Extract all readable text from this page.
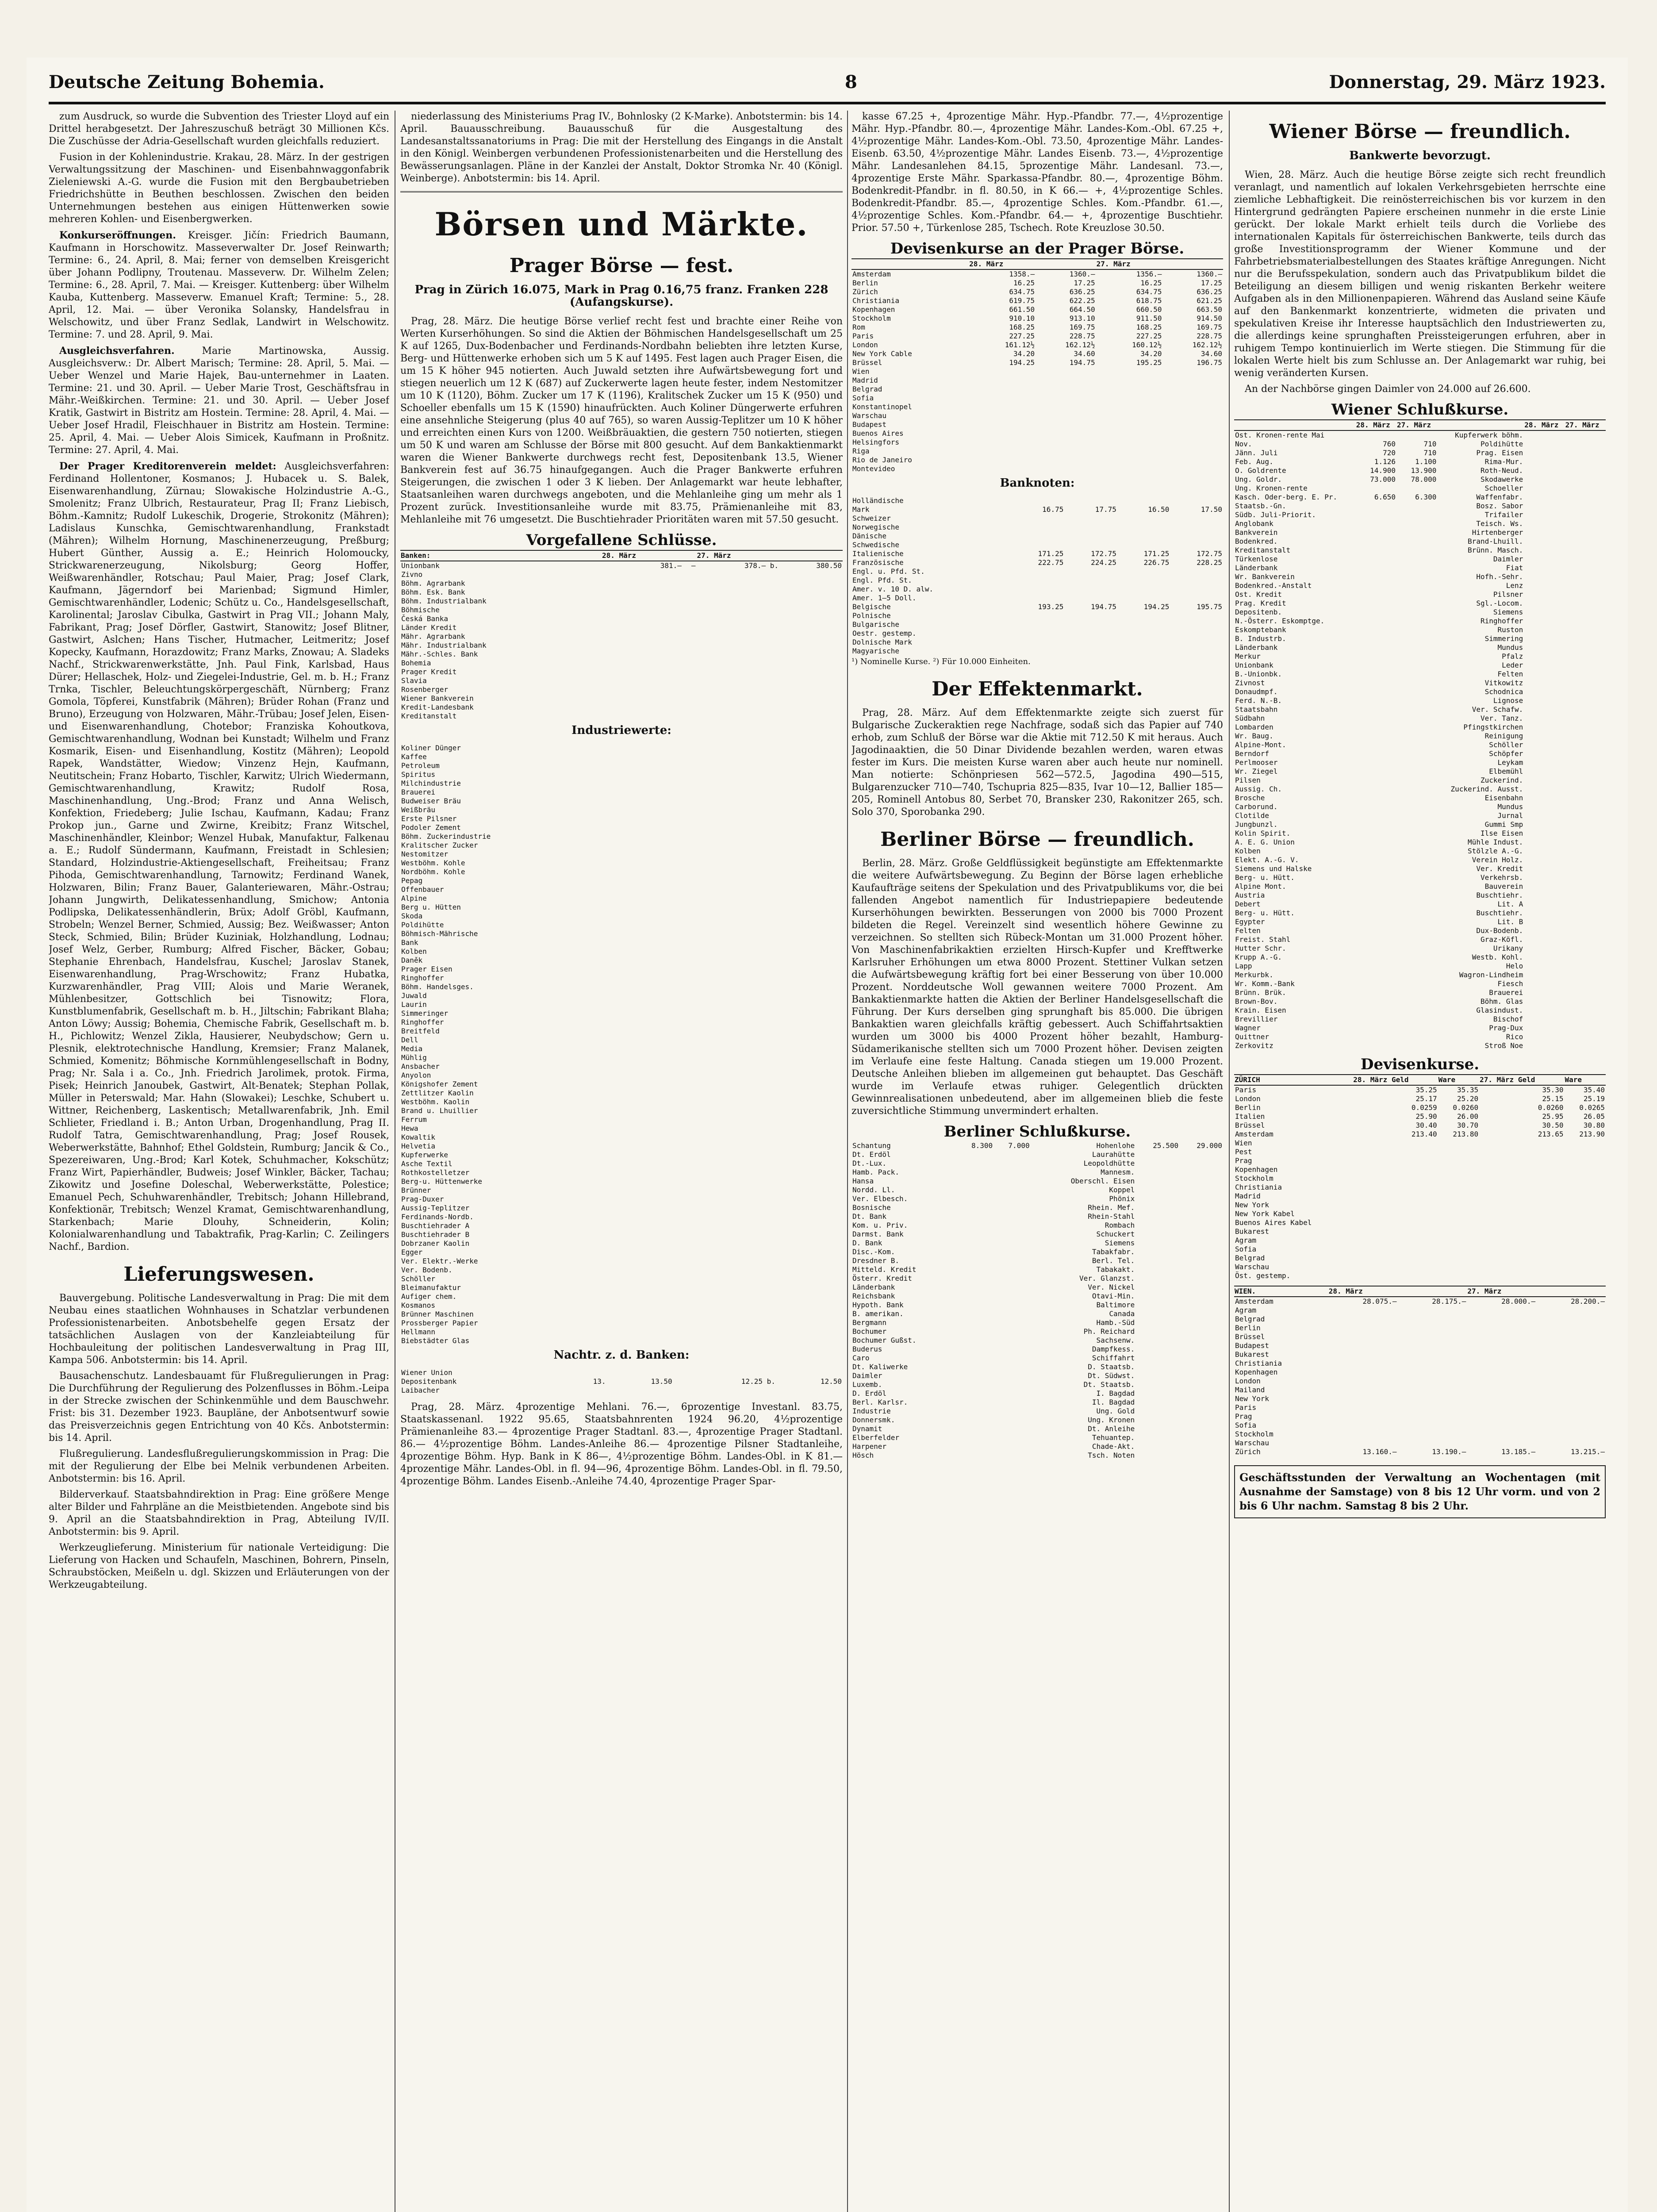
Deutsche Zeitung Bohemia.	8	Donnerstag, 29. März 1923.

zum Ausdruck, so wurde die Subvention des Triester Lloyd auf ein Drittel herabgesetzt. Der Jahreszuschuß beträgt 30 Millionen Kčs. Die Zuschüsse der Adria-Gesellschaft wurden gleichfalls reduziert.

Fusion in der Kohlenindustrie. Krakau, 28. März. In der gestrigen Verwaltungssitzung der Maschinen- und Eisenbahnwaggonfabrik Zieleniewski A.-G. wurde die Fusion mit den Bergbaubetrieben Friedrichshütte in Beuthen beschlossen. Zwischen den beiden Unternehmungen bestehen aus einigen Hüttenwerken sowie mehreren Kohlen- und Eisenbergwerken.

Konkurseröffnungen. Kreisger. Jičín: Friedrich Baumann, Kaufmann in Horschowitz. Masseverwalter Dr. Josef Reinwarth; Termine: 6., 24. April, 8. Mai; ferner von demselben Kreisgericht über Johann Podlipny, Troutenau. Masseverw. Dr. Wilhelm Zelen; Termine: 6., 28. April, 7. Mai. — Kreisger. Kuttenberg: über Wilhelm Kauba, Kuttenberg. Masseverw. Emanuel Kraft; Termine: 5., 28. April, 12. Mai. — über Veronika Solansky, Handelsfrau in Welschowitz, und über Franz Sedlak, Landwirt in Welschowitz. Termine: 7. und 28. April, 9. Mai.

Ausgleichsverfahren.	Marie Martinowska, Aussig. Ausgleichsverw.: Dr. Albert Marisch; Termine: 28. April, 5. Mai. — Ueber Wenzel und Marie Hajek, Bau-unternehmer in Laaten. Termine: 21. und 30. April. — Ueber Marie Trost, Geschäftsfrau in Mähr.-Weißkirchen. Termine: 21. und 30. April. — Ueber Josef Kratik, Gastwirt in Bistritz am Hostein. Termine: 28. April, 4. Mai. — Ueber Josef Hradil, Fleischhauer in Bistritz am Hostein. Termine: 25. April, 4. Mai. — Ueber Alois Simicek, Kaufmann in Proßnitz. Termine: 27. April, 4. Mai.

Der Prager Kreditorenverein meldet: Ausgleichsverfahren: Ferdinand Hollentoner, Kosmanos; J. Hubacek u. S. Balek, Eisenwarenhandlung, Zürnau; Slowakische Holzindustrie A.-G., Smolenitz; Franz Ulbrich, Restaurateur, Prag II; Franz Liebisch, Böhm.-Kamnitz; Rudolf Lukeschik, Drogerie, Strokonitz (Mähren); Ladislaus Kunschka, Gemischtwarenhandlung, Frankstadt (Mähren); Wilhelm Hornung, Maschinenerzeugung, Preßburg; Hubert Günther, Aussig a. E.; Heinrich Holomoucky, Strickwarenerzeugung, Nikolsburg; Georg Hoffer, Weißwarenhändler, Rotschau; Paul Maier, Prag; Josef Clark, Kaufmann, Jägerndorf bei Marienbad; Sigmund Himler, Gemischtwarenhändler, Lodenic; Schütz u. Co., Handelsgesellschaft, Karolinental; Jaroslav Cibulka, Gastwirt in Prag VII.; Johann Maly, Fabrikant, Prag; Josef Dörfler, Gastwirt, Stanowitz; Josef Blitner, Gastwirt, Aslchen; Hans Tischer, Hutmacher, Leitmeritz; Josef Kopecky, Kaufmann, Horazdowitz; Franz Marks, Znowau; A. Sladeks Nachf., Strickwarenwerkstätte, Jnh. Paul Fink, Karlsbad, Haus Dürer; Hellaschek, Holz- und Ziegelei-Industrie, Gel. m. b. H.; Franz Trnka, Tischler, Beleuchtungskörpergeschäft, Nürnberg; Franz Gomola, Töpferei, Kunstfabrik (Mähren); Brüder Rohan (Franz und Bruno), Erzeugung von Holzwaren, Mähr.-Trübau; Josef Jelen, Eisen- und Eisenwarenhandlung, Chotebor; Franziska Kohoutkova, Gemischtwarenhandlung, Wodnan bei Kunstadt; Wilhelm und Franz Kosmarik, Eisen- und Eisenhandlung, Kostitz (Mähren); Leopold Rapek, Wandstätter, Wiedow; Vinzenz Hejn, Kaufmann, Neutitschein; Franz Hobarto, Tischler, Karwitz; Ulrich Wiedermann, Gemischtwarenhandlung, Krawitz; Rudolf Rosa, Maschinenhandlung, Ung.-Brod; Franz und Anna Welisch, Konfektion, Friedeberg; Julie Ischau, Kaufmann, Kadau; Franz Prokop jun., Garne und Zwirne, Kreibitz; Franz Witschel, Maschinenhändler, Kleinbor; Wenzel Hubak, Manufaktur, Falkenau a. E.; Rudolf Sündermann, Kaufmann, Freistadt in Schlesien; Standard, Holzindustrie-Aktiengesellschaft, Freiheitsau; Franz Pihoda, Gemischtwarenhandlung, Tarnowitz; Ferdinand Wanek, Holzwaren, Bilin; Franz Bauer, Galanteriewaren, Mähr.-Ostrau; Johann Jungwirth, Delikatessenhandlung, Smichow; Antonia Podlipska, Delikatessenhändlerin, Brüx; Adolf Gröbl, Kaufmann, Strobeln; Wenzel Berner, Schmied, Aussig; Bez. Weißwasser; Anton Steck, Schmied, Bilin; Brüder Kuziniak, Holzhandlung, Lodnau; Josef Welz, Gerber, Rumburg; Alfred Fischer, Bäcker, Gobau; Stephanie Ehrenbach, Handelsfrau, Kuschel; Jaroslav Stanek, Eisenwarenhandlung, Prag-Wrschowitz; Franz Hubatka, Kurzwarenhändler, Prag VIII; Alois und Marie Weranek, Mühlenbesitzer, Gottschlich bei Tisnowitz; Flora, Kunstblumenfabrik, Gesellschaft m. b. H., Jiltschin; Fabrikant Blaha; Anton Löwy; Aussig; Bohemia, Chemische Fabrik, Gesellschaft m. b. H., Pichlowitz; Wenzel Zikla, Hausierer, Neubydschow; Gern u. Plesnik, elektrotechnische Handlung, Kremsier; Franz Malanek, Schmied, Komenitz; Böhmische Kornmühlengesellschaft in Bodny, Prag; Nr. Sala i a. Co., Jnh. Friedrich Jarolimek, protok. Firma, Pisek; Heinrich Janoubek, Gastwirt, Alt-Benatek; Stephan Pollak, Müller in Peterswald; Mar. Hahn (Slowakei); Leschke, Schubert u. Wittner, Reichenberg, Laskentisch; Metallwarenfabrik, Jnh. Emil Schlieter, Friedland i. B.; Anton Urban, Drogenhandlung, Prag II. Rudolf Tatra, Gemischtwarenhandlung, Prag; Josef Rousek, Weberwerkstätte, Bahnhof; Ethel Goldstein, Rumburg; Jancik & Co., Spezereiwaren, Ung.-Brod; Karl Kotek, Schuhmacher, Kokschütz; Franz Wirt, Papierhändler, Budweis; Josef Winkler, Bäcker, Tachau; Zikowitz und Josefine Doleschal, Weberwerkstätte, Polestice; Emanuel Pech, Schuhwarenhändler, Trebitsch; Johann Hillebrand, Konfektionär, Trebitsch; Wenzel Kramat, Gemischtwarenhandlung, Starkenbach; Marie Dlouhy, Schneiderin, Kolin; Kolonialwarenhandlung und Tabaktrafik, Prag-Karlin; C. Zeilingers Nachf., Bardion.

Lieferungswesen.

Bauvergebung. Politische Landesverwaltung in Prag: Die mit dem Neubau eines staatlichen Wohnhauses in Schatzlar verbundenen Professionistenarbeiten. Anbotsbehelfe gegen Ersatz der tatsächlichen Auslagen von der Kanzleiabteilung für Hochbauleitung der politischen Landesverwaltung in Prag III, Kampa 506. Anbotstermin: bis 14. April.

Bausachenschutz. Landesbauamt für Flußregulierungen in Prag: Die Durchführung der Regulierung des Polzenflusses in Böhm.-Leipa in der Strecke zwischen der Schinkenmühle und dem Bauschwehr. Frist: bis 31. Dezember 1923. Baupläne, der Anbotsentwurf sowie das Preisverzeichnis gegen Entrichtung von 40 Kčs. Anbotstermin: bis 14. April.

Flußregulierung. Landesflußregulierungskommission in Prag: Die mit der Regulierung der Elbe bei Melnik verbundenen Arbeiten. Anbotstermin: bis 16. April.

Bilderverkauf. Staatsbahndirektion in Prag: Eine größere Menge alter Bilder und Fahrpläne an die Meistbietenden. Angebote sind bis 9. April an die Staatsbahndirektion in Prag, Abteilung IV/II. Anbotstermin: bis 9. April.

Werkzeuglieferung. Ministerium für nationale Verteidigung: Die Lieferung von Hacken und Schaufeln, Maschinen, Bohrern, Pinseln, Schraubstöcken, Meißeln u. dgl. Skizzen und Erläuterungen von der Werkzeugabteilung.

niederlassung des Ministeriums Prag IV., Bohnlosky (2 K-Marke). Anbotstermin: bis 14. April. Bauausschreibung. Bauausschuß für die Ausgestaltung des Landesanstaltssanatoriums in Prag: Die mit der Herstellung des Eingangs in die Anstalt in den Königl. Weinbergen verbundenen Professionistenarbeiten und die Herstellung des Bewässerungsanlagen. Pläne in der Kanzlei der Anstalt, Doktor Stromka Nr. 40 (Königl. Weinberge). Anbotstermin: bis 14. April.

Börsen und Märkte.
Prager Börse — fest.
Prag in Zürich 16.075, Mark in Prag 0.16,75 franz. Franken 228 (Aufangskurse).

Prag, 28. März. Die heutige Börse verlief recht fest und brachte einer Reihe von Werten Kurserhöhungen. So sind die Aktien der Böhmischen Handelsgesellschaft um 25 K auf 1265, Dux-Bodenbacher und Ferdinands-Nordbahn beliebten ihre letzten Kurse, Berg- und Hüttenwerke erhoben sich um 5 K auf 1495. Fest lagen auch Prager Eisen, die um 15 K höher 945 notierten. Auch Juwald setzten ihre Aufwärtsbewegung fort und stiegen neuerlich um 12 K (687) auf Zuckerwerte lagen heute fester, indem Nestomitzer um 10 K (1120), Böhm. Zucker um 17 K (1196), Kralitschek Zucker um 15 K (950) und Schoeller ebenfalls um 15 K (1590) hinaufrückten. Auch Koliner Düngerwerte erfuhren eine ansehnliche Steigerung (plus 40 auf 765), so waren Aussig-Teplitzer um 10 K höher und erreichten einen Kurs von 1200. Weißbräuaktien, die gestern 750 notierten, stiegen um 50 K und waren am Schlusse der Börse mit 800 gesucht. Auf dem Bankaktienmarkt waren die Wiener Bankwerte durchwegs recht fest, Depositenbank 13.5, Wiener Bankverein fest auf 36.75 hinaufgegangen. Auch die Prager Bankwerte erfuhren Steigerungen, die zwischen 1 oder 3 K lieben. Der Anlagemarkt war heute lebhafter, Staatsanleihen waren durchwegs angeboten, und die Mehlanleihe ging um mehr als 1 Prozent zurück. Investitionsanleihe wurde mit 83.75, Prämienanleihe mit 83, Mehlanleihe mit 76 umgesetzt. Die Buschtiehrader Prioritäten waren mit 57.50 gesucht.

Vorgefallene Schlüsse.
Banken:	28. März		27. März	
Unionbank	381.—	—	378.— b.	380.50
Zivno				
Böhm. Agrarbank				
Böhm. Esk. Bank				
Böhm. Industrialbank				
Böhmische				
Česká Banka				
Länder Kredit				
Mähr. Agrarbank				
Mähr. Industrialbank				
Mähr.-Schles. Bank				
Bohemia				
Prager Kredit				
Slavia				
Rosenberger				
Wiener Bankverein				
Kredit-Landesbank				
Kreditanstalt				
Industriewerte:
Koliner Dünger				
Kaffee				
Petroleum				
Spiritus				
Milchindustrie				
Brauerei				
Budweiser Bräu				
Weißbräu				
Erste Pilsner				
Podoler Zement				
Böhm. Zuckerindustrie				
Kralitscher Zucker				
Nestomitzer				
Westböhm. Kohle				
Nordböhm. Kohle				
Pepag				
Offenbauer				
Alpine				
Berg u. Hütten				
Skoda				
Poldihütte				
Böhmisch-Mährische				
Bank				
Kolben				
Daněk				
Prager Eisen				
Ringhoffer				
Böhm. Handelsges.				
Juwald				
Laurin				
Simmeringer				
Ringhoffer				
Breitfeld				
Dell				
Media				
Mühlig				
Ansbacher				
Anyolon				
Königshofer Zement				
Zettlitzer Kaolin				
Westböhm. Kaolin				
Brand u. Lhuillier				
Ferrum				
Hewa				
Kowaltik				
Helvetia				
Kupferwerke				
Asche Textil				
Rothkostelletzer				
Berg-u. Hüttenwerke				
Brünner				
Prag-Duxer				
Aussig-Teplitzer				
Ferdinands-Nordb.				
Buschtiehrader A				
Buschtiehrader B				
Dobrzaner Kaolin				
Egger				
Ver. Elektr.-Werke				
Ver. Bodenb.				
Schöller				
Bleimanufaktur				
Aufiger chem.				
Kosmanos				
Brünner Maschinen				
Prossberger Papier				
Hellmann				
Biebstädter Glas				
Nachtr. z. d. Banken:
Wiener Union				
Depositenbank	13.	13.50	12.25 b.	12.50
Laibacher				

Prag, 28. März. 4prozentige Mehlani. 76.—, 6prozentige Investanl. 83.75, Staatskassenanl. 1922 95.65, Staatsbahnrenten 1924 96.20, 4½prozentige Prämienanleihe 83.— 4prozentige Prager Stadtanl. 83.—, 4prozentige Prager Stadtanl. 86.— 4½prozentige Böhm. Landes-Anleihe 86.— 4prozentige Pilsner Stadtanleihe, 4prozentige Böhm. Hyp. Bank in K 86—, 4½prozentige Böhm. Landes-Obl. in K 81.— 4prozentige Mähr. Landes-Obl. in fl. 94—96, 4prozentige Böhm. Landes-Obl. in fl. 79.50, 4prozentige Böhm. Landes Eisenb.-Anleihe 74.40, 4prozentige Prager Spar-

kasse 67.25 +, 4prozentige Mähr. Hyp.-Pfandbr. 77.—, 4½prozentige Mähr. Hyp.-Pfandbr. 80.—, 4prozentige Mähr. Landes-Kom.-Obl. 67.25 +, 4½prozentige Mähr. Landes-Kom.-Obl. 73.50, 4prozentige Mähr. Landes-Eisenb. 63.50, 4½prozentige Mähr. Landes Eisenb. 73.—, 4½prozentige Mähr. Landesanlehen 84.15, 5prozentige Mähr. Landesanl. 73.—, 4prozentige Erste Mähr. Sparkassa-Pfandbr. 80.—, 4prozentige Böhm. Bodenkredit-Pfandbr. in fl. 80.50, in K 66.— +, 4½prozentige Schles. Bodenkredit-Pfandbr. 85.—, 4prozentige Schles. Kom.-Pfandbr. 61.—, 4½prozentige Schles. Kom.-Pfandbr. 64.— +, 4prozentige Buschtiehr. Prior. 57.50 +, Türkenlose 285, Tschech. Rote Kreuzlose 30.50.

Devisenkurse an der Prager Börse.
	28. März		27. März	
Amsterdam	1358.—	1360.—	1356.—	1360.—
Berlin	16.25	17.25	16.25	17.25
Zürich	634.75	636.25	634.75	636.25
Christiania	619.75	622.25	618.75	621.25
Kopenhagen	661.50	664.50	660.50	663.50
Stockholm	910.10	913.10	911.50	914.50
Rom	168.25	169.75	168.25	169.75
Paris	227.25	228.75	227.25	228.75
London	161.12½	162.12½	160.12½	162.12½
New York Cable	34.20	34.60	34.20	34.60
Brüssel	194.25	194.75	195.25	196.75
Wien				
Madrid				
Belgrad				
Sofia				
Konstantinopel				
Warschau				
Budapest				
Buenos Aires				
Helsingfors				
Riga				
Rio de Janeiro				
Montevideo				
Banknoten:
Holländische				
Mark	16.75	17.75	16.50	17.50
Schweizer				
Norwegische				
Dänische				
Schwedische				
Italienische	171.25	172.75	171.25	172.75
Französische	222.75	224.25	226.75	228.25
Engl. u. Pfd. St.				
Engl. Pfd. St.				
Amer. v. 10 D. alw.				
Amer. 1—5 Doll.				
Belgische	193.25	194.75	194.25	195.75
Polnische				
Bulgarische				
Oestr. gestemp.				
Dolnische Mark				
Magyarische				
¹) Nominelle Kurse. ²) Für 10.000 Einheiten.
Der Effektenmarkt.

Prag, 28. März. Auf dem Effektenmarkte zeigte sich zuerst für Bulgarische Zuckeraktien rege Nachfrage, sodaß sich das Papier auf 740 erhob, zum Schluß der Börse war die Aktie mit 712.50 K mit heraus. Auch Jagodinaaktien, die 50 Dinar Dividende bezahlen werden, waren etwas fester im Kurs. Die meisten Kurse waren aber auch heute nur nominell. Man notierte: Schönpriesen 562—572.5, Jagodina 490—515, Bulgarenzucker 710—740, Tschupria 825—835, Ivar 10—12, Ballier 185—205, Rominell Antobus 80, Serbet 70, Bransker 230, Rakonitzer 265, sch. Solo 370, Sporobanka 290.

Berliner Börse — freundlich.

Berlin, 28. März. Große Geldflüssigkeit begünstigte am Effektenmarkte die weitere Aufwärtsbewegung. Zu Beginn der Börse lagen erhebliche Kaufaufträge seitens der Spekulation und des Privatpublikums vor, die bei fallenden Angebot namentlich für Industriepapiere bedeutende Kurserhöhungen bewirkten. Besserungen von 2000 bis 7000 Prozent bildeten die Regel. Vereinzelt sind wesentlich höhere Gewinne zu verzeichnen. So stellten sich Rübeck-Montan um 31.000 Prozent höher. Von Maschinenfabrikaktien erzielten Hirsch-Kupfer und Krefftwerke Karlsruher Erhöhungen um etwa 8000 Prozent. Stettiner Vulkan setzen die Aufwärtsbewegung kräftig fort bei einer Besserung von über 10.000 Prozent. Norddeutsche Woll gewannen weitere 7000 Prozent. Am Bankaktienmarkte hatten die Aktien der Berliner Handelsgesellschaft die Führung. Der Kurs derselben ging sprunghaft bis 85.000. Die übrigen Bankaktien waren gleichfalls kräftig gebessert. Auch Schiffahrtsaktien wurden um 3000 bis 4000 Prozent höher bezahlt, Hamburg-Südamerikanische stellten sich um 7000 Prozent höher. Devisen zeigten im Verlaufe eine feste Haltung. Canada stiegen um 19.000 Prozent. Deutsche Anleihen blieben im allgemeinen gut behauptet. Das Geschäft wurde im Verlaufe etwas ruhiger. Gelegentlich drückten Gewinnrealisationen unbedeutend, aber im allgemeinen blieb die feste zuversichtliche Stimmung unvermindert erhalten.

Berliner Schlußkurse.
Schantung	8.300	7.000	Hohenlohe	25.500	29.000
Dt. Erdöl			Laurahütte		
Dt.-Lux.			Leopoldhütte		
Hamb. Pack.			Mannesm.		
Hansa			Oberschl. Eisen		
Nordd. Ll.			Koppel		
Ver. Elbesch.			Phönix		
Bosnische			Rhein. Mef.		
Dt. Bank			Rhein-Stahl		
Kom. u. Priv.			Rombach		
Darmst. Bank			Schuckert		
D. Bank			Siemens		
Disc.-Kom.			Tabakfabr.		
Dresdner B.			Berl. Tel.		
Mitteld. Kredit			Tabakakt.		
Österr. Kredit			Ver. Glanzst.		
Länderbank			Ver. Nickel		
Reichsbank			Otavi-Min.		
Hypoth. Bank			Baltimore		
B. amerikan.			Canada		
Bergmann			Hamb.-Süd		
Bochumer			Ph. Reichard		
Bochumer Gußst.			Sachsenw.		
Buderus			Dampfkess.		
Caro			Schiffahrt		
Dt. Kaliwerke			D. Staatsb.		
Daimler			Dt. Südwst.		
Luxemb.			Dt. Staatsb.		
D. Erdöl			I. Bagdad		
Berl. Karlsr.			Il. Bagdad		
Industrie			Ung. Gold		
Donnersmk.			Ung. Kronen		
Dynamit			Dt. Anleihe		
Elberfelder			Tehuantep.		
Harpener			Chade-Akt.		
Hösch			Tsch. Noten		
Wiener Börse — freundlich.
Bankwerte bevorzugt.

Wien, 28. März. Auch die heutige Börse zeigte sich recht freundlich veranlagt, und namentlich auf lokalen Verkehrsgebieten herrschte eine ziemliche Lebhaftigkeit. Die reinösterreichischen bis vor kurzem in den Hintergrund gedrängten Papiere erscheinen nunmehr in die erste Linie gerückt. Der lokale Markt erhielt teils durch die Vorliebe des internationalen Kapitals für österreichischen Bankwerte, teils durch das große Investitionsprogramm der Wiener Kommune und der Fahrbetriebsmaterialbestellungen des Staates kräftige Anregungen. Nicht nur die Berufsspekulation, sondern auch das Privatpublikum bildet die Beteiligung an diesem billigen und wenig riskanten Berkehr weitere Aufgaben als in den Millionenpapieren. Während das Ausland seine Käufe auf den Bankenmarkt konzentrierte, widmeten die privaten und spekulativen Kreise ihr Interesse hauptsächlich den Industriewerten zu, die allerdings keine sprunghaften Preissteigerungen erfuhren, aber in ruhigem Tempo kontinuierlich im Werte stiegen. Die Stimmung für die lokalen Werte hielt bis zum Schlusse an. Der Anlagemarkt war ruhig, bei wenig veränderten Kursen.

An der Nachbörse gingen Daimler von 24.000 auf 26.600.

Wiener Schlußkurse.
	28. März	27. März		28. März	27. März
Ost. Kronen-rente Mai			Kupferwerk böhm.		
Nov.	760	710	Poldihütte		
Jänn. Juli	720	710	Prag. Eisen		
Feb. Aug.	1.126	1.100	Rima-Mur.		
O. Goldrente	14.900	13.900	Roth-Neud.		
Ung. Goldr.	73.000	78.000	Skodawerke		
Ung. Kronen-rente			Schoeller		
Kasch. Oder-berg. E. Pr.	6.650	6.300	Waffenfabr.		
Staatsb.-Gn.			Bosz. Sabor		
Südb. Juli-Priorit.			Trifailer		
Anglobank			Teisch. Ws.		
Bankverein			Hirtenberger		
Bodenkred.			Brand-Lhuill.		
Kreditanstalt			Brünn. Masch.		
Türkenlose			Daimler		
Länderbank			Fiat		
Wr. Bankverein			Hofh.-Sehr.		
Bodenkred.-Anstalt			Lenz		
Ost. Kredit			Pilsner		
Prag. Kredit			Sgl.-Locom.		
Depositenb.			Siemens		
N.-Österr. Eskomptge.			Ringhoffer		
Eskomptebank			Ruston		
B. Industrb.			Simmering		
Länderbank			Mundus		
Merkur			Pfalz		
Unionbank			Leder		
B.-Unionbk.			Felten		
Zivnost			Vitkowitz		
Donaudmpf.			Schodnica		
Ferd. N.-B.			Lignose		
Staatsbahn			Ver. Schafw.		
Südbahn			Ver. Tanz.		
Lombarden			Pfingstkirchen		
Wr. Baug.			Reinigung		
Alpine-Mont.			Schöller		
Berndorf			Schöpfer		
Perlmooser			Leykam		
Wr. Ziegel			Elbemühl		
Pilsen			Zuckerind.		
Aussig. Ch.			Zuckerind. Ausst.		
Brosche			Eisenbahn		
Carborund.			Mundus		
Clotilde			Jurnal		
Jungbunzl.			Gummi Smp		
Kolin Spirit.			Ilse Eisen		
A. E. G. Union			Mühle Indust.		
Kolben			Stölzle A.-G.		
Elekt. A.-G. V.			Verein Holz.		
Siemens und Halske			Ver. Kredit		
Berg- u. Hütt.			Verkehrsb.		
Alpine Mont.			Bauverein		
Austria			Buschtiehr.		
Debert			Lit. A		
Berg- u. Hütt.			Buschtiehr.		
Egypter			Lit. B		
Felten			Dux-Bodenb.		
Freist. Stahl			Graz-Köfl.		
Hutter Schr.			Urikany		
Krupp A.-G.			Westb. Kohl.		
Lapp			Helo		
Merkurbk.			Wagron-Lindheim		
Wr. Komm.-Bank			Fiesch		
Brünn. Brük.			Brauerei		
Brown-Bov.			Böhm. Glas		
Krain. Eisen			Glasindust.		
Brevillier			Bischof		
Wagner			Prag-Dux		
Quittner			Rico		
Zerkovitz			Stroß Noe		
Devisenkurse.
ZÜRICH	28. März Geld	Ware	27. März Geld	Ware
Paris	35.25	35.35	35.30	35.40
London	25.17	25.20	25.15	25.19
Berlin	0.0259	0.0260	0.0260	0.0265
Italien	25.90	26.00	25.95	26.05
Brüssel	30.40	30.70	30.50	30.80
Amsterdam	213.40	213.80	213.65	213.90
Wien				
Pest				
Prag				
Kopenhagen				
Stockholm				
Christiania				
Madrid				
New York				
New York Kabel				
Buenos Aires Kabel				
Bukarest				
Agram				
Sofia				
Belgrad				
Warschau				
Öst. gestemp.				
WIEN.	28. März		27. März	
Amsterdam	28.075.—	28.175.—	28.000.—	28.200.—
Agram				
Belgrad				
Berlin				
Brüssel				
Budapest				
Bukarest				
Christiania				
Kopenhagen				
London				
Mailand				
New York				
Paris				
Prag				
Sofia				
Stockholm				
Warschau				
Zürich	13.160.—	13.190.—	13.185.—	13.215.—
Geschäftsstunden der Verwaltung an Wochentagen (mit Ausnahme der Samstage) von 8 bis 12 Uhr vorm. und von 2 bis 6 Uhr nachm. Samstag 8 bis 2 Uhr.
